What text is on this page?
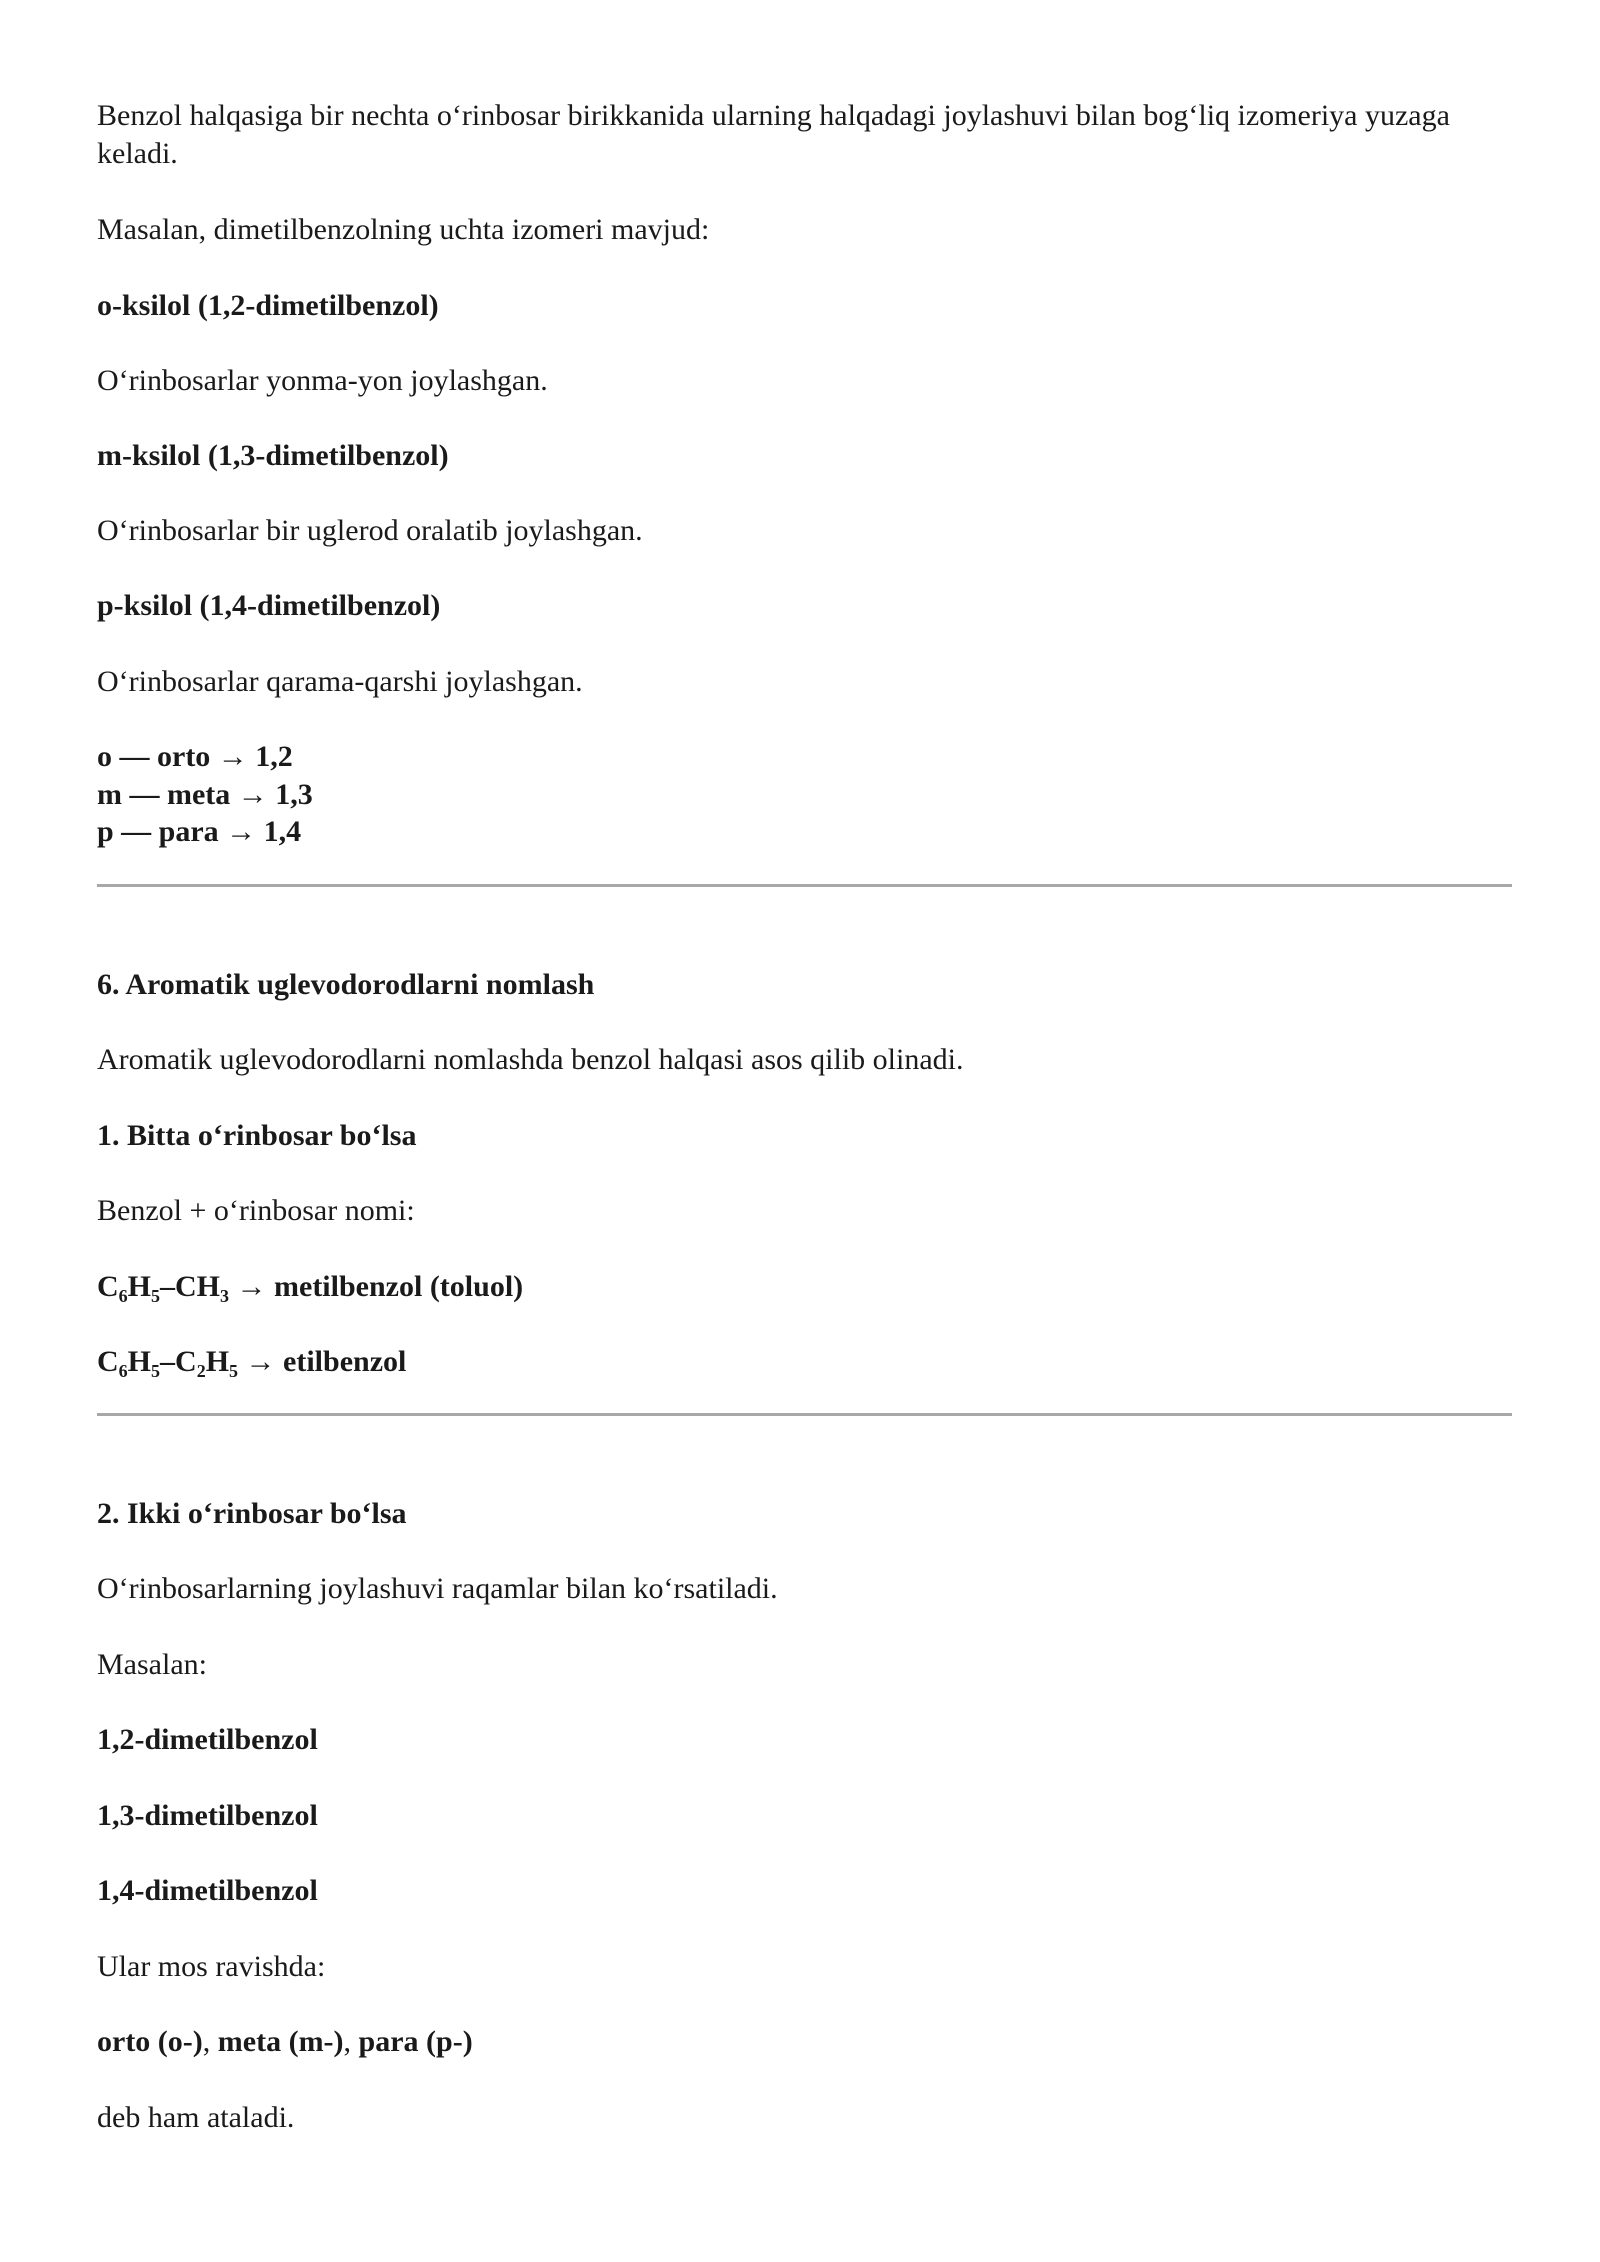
Benzol halqasiga bir nechta o‘rinbosar birikkanida ularning halqadagi joylashuvi bilan bog‘liq izomeriya yuzaga keladi.

Masalan, dimetilbenzolning uchta izomeri mavjud:

o-ksilol (1,2-dimetilbenzol)

O‘rinbosarlar yonma-yon joylashgan.

m-ksilol (1,3-dimetilbenzol)

O‘rinbosarlar bir uglerod oralatib joylashgan.

p-ksilol (1,4-dimetilbenzol)

O‘rinbosarlar qarama-qarshi joylashgan.

o — orto → 1,2

m — meta → 1,3

p — para → 1,4

6. Aromatik uglevodorodlarni nomlash

Aromatik uglevodorodlarni nomlashda benzol halqasi asos qilib olinadi.

1. Bitta o‘rinbosar bo‘lsa

Benzol + o‘rinbosar nomi:

$C_6H_5-CH_3$ → metilbenzol (toluol)

$C_6H_5-C_2H_5$ → etilbenzol

2. Ikki o‘rinbosar bo‘lsa

O‘rinbosarlarning joylashuvi raqamlar bilan ko‘rsatiladi.

Masalan:

1,2-dimetilbenzol

1,3-dimetilbenzol

1,4-dimetilbenzol

Ular mos ravishda:

orto (o-), meta (m-), para (p-)

deb ham ataladi.
